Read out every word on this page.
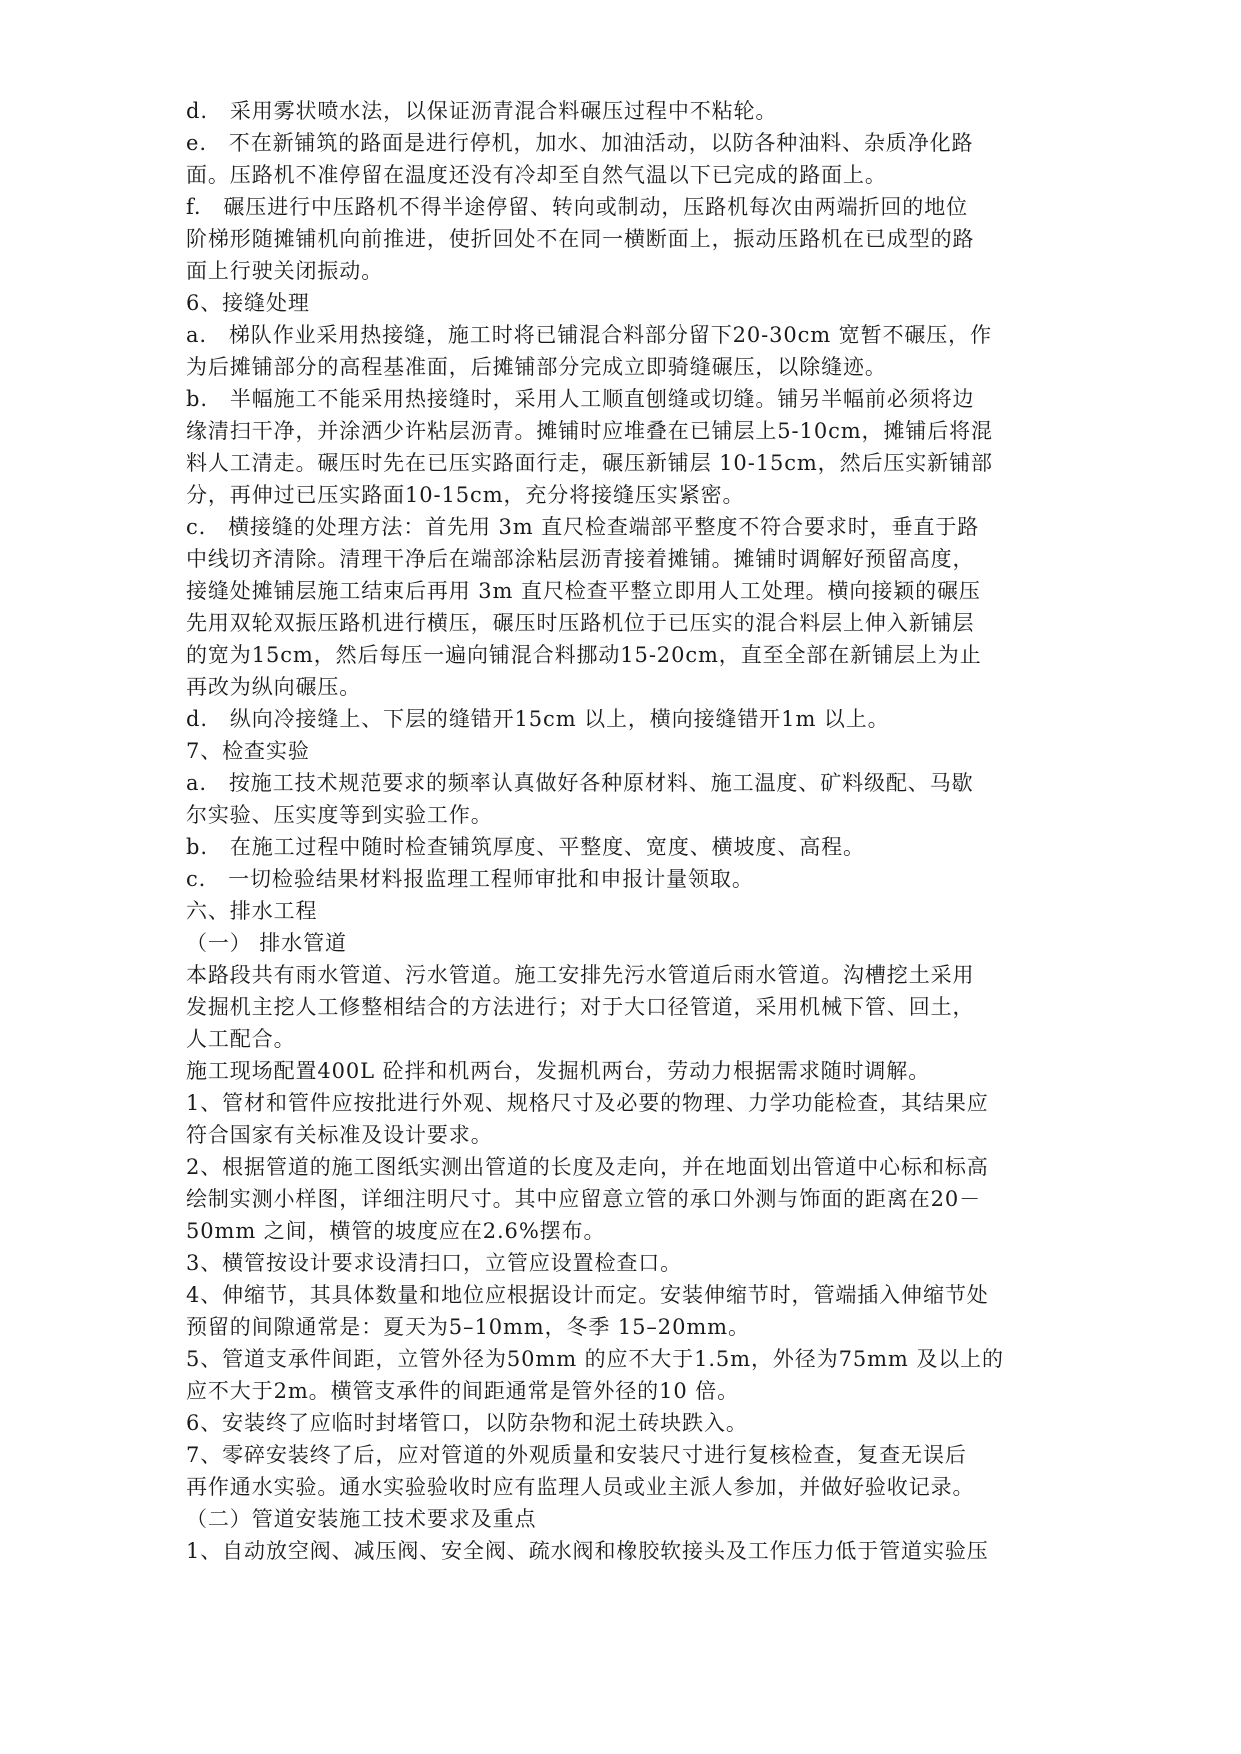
d.　采用雾状喷水法，以保证沥青混合料碾压过程中不粘轮。
e.　不在新铺筑的路面是进行停机，加水、加油活动，以防各种油料、杂质净化路
面。压路机不准停留在温度还没有冷却至自然气温以下已完成的路面上。
f.　碾压进行中压路机不得半途停留、转向或制动，压路机每次由两端折回的地位
阶梯形随摊铺机向前推进，使折回处不在同一横断面上，振动压路机在已成型的路
面上行驶关闭振动。
6、接缝处理
a.　梯队作业采用热接缝，施工时将已铺混合料部分留下20-30cm 宽暂不碾压，作
为后摊铺部分的高程基准面，后摊铺部分完成立即骑缝碾压，以除缝迹。
b.　半幅施工不能采用热接缝时，采用人工顺直刨缝或切缝。铺另半幅前必须将边
缘清扫干净，并涂洒少许粘层沥青。摊铺时应堆叠在已铺层上5-10cm，摊铺后将混
料人工清走。碾压时先在已压实路面行走，碾压新铺层 10-15cm，然后压实新铺部
分，再伸过已压实路面10-15cm，充分将接缝压实紧密。
c.　横接缝的处理方法：首先用 3m 直尺检查端部平整度不符合要求时，垂直于路
中线切齐清除。清理干净后在端部涂粘层沥青接着摊铺。摊铺时调解好预留高度，
接缝处摊铺层施工结束后再用 3m 直尺检查平整立即用人工处理。横向接颖的碾压
先用双轮双振压路机进行横压，碾压时压路机位于已压实的混合料层上伸入新铺层
的宽为15cm，然后每压一遍向铺混合料挪动15-20cm，直至全部在新铺层上为止
再改为纵向碾压。
d.　纵向冷接缝上、下层的缝错开15cm 以上，横向接缝错开1m 以上。
7、检查实验
a.　按施工技术规范要求的频率认真做好各种原材料、施工温度、矿料级配、马歇
尔实验、压实度等到实验工作。
b.　在施工过程中随时检查铺筑厚度、平整度、宽度、横坡度、高程。
c.　一切检验结果材料报监理工程师审批和申报计量领取。
六、排水工程
（一） 排水管道
本路段共有雨水管道、污水管道。施工安排先污水管道后雨水管道。沟槽挖土采用
发掘机主挖人工修整相结合的方法进行；对于大口径管道，采用机械下管、回土，
人工配合。
施工现场配置400L 砼拌和机两台，发掘机两台，劳动力根据需求随时调解。
1、管材和管件应按批进行外观、规格尺寸及必要的物理、力学功能检查，其结果应
符合国家有关标准及设计要求。
2、根据管道的施工图纸实测出管道的长度及走向，并在地面划出管道中心标和标高
绘制实测小样图，详细注明尺寸。其中应留意立管的承口外测与饰面的距离在20－
50mm 之间，横管的坡度应在2.6%摆布。
3、横管按设计要求设清扫口，立管应设置检查口。
4、伸缩节，其具体数量和地位应根据设计而定。安装伸缩节时，管端插入伸缩节处
预留的间隙通常是：夏天为5–10mm，冬季 15–20mm。
5、管道支承件间距，立管外径为50mm 的应不大于1.5m，外径为75mm 及以上的
应不大于2m。横管支承件的间距通常是管外径的10 倍。
6、安装终了应临时封堵管口，以防杂物和泥土砖块跌入。
7、零碎安装终了后，应对管道的外观质量和安装尺寸进行复核检查，复查无误后
再作通水实验。通水实验验收时应有监理人员或业主派人参加，并做好验收记录。
（二）管道安装施工技术要求及重点
1、自动放空阀、减压阀、安全阀、疏水阀和橡胶软接头及工作压力低于管道实验压
